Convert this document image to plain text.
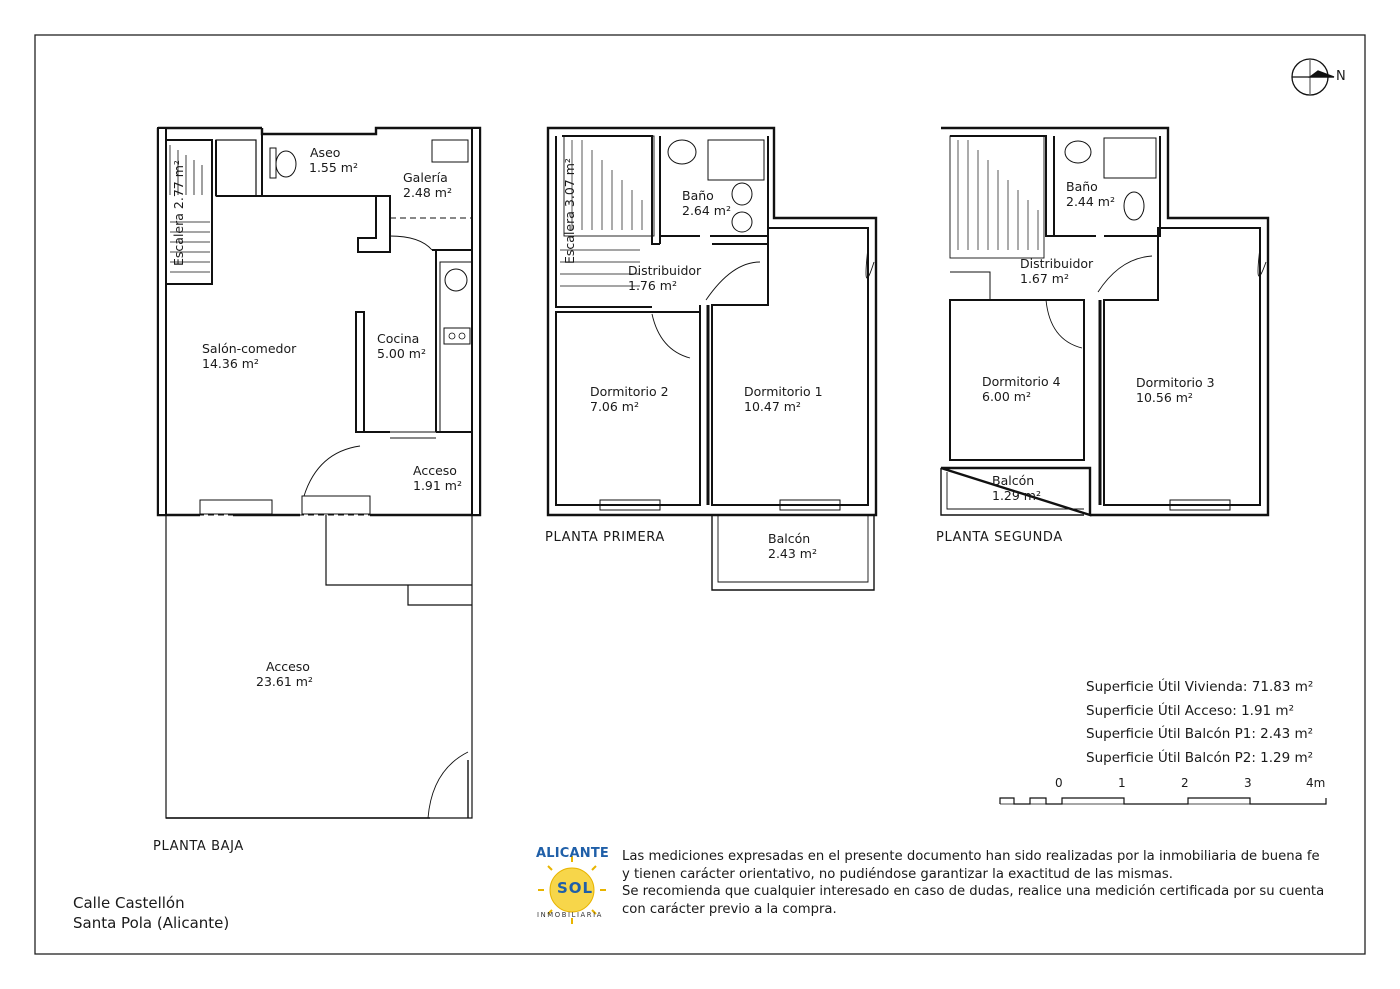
Aseo
1.55 m²
Galería
2.48 m²
Escalera 2.77 m²
Salón-comedor
14.36 m²
Cocina
5.00 m²
Acceso
1.91 m²
Acceso
23.61 m²
PLANTA BAJA
Escalera 3.07 m²	Baño
2.64 m²
Distribuidor
1.76 m²
Dormitorio 2
7.06 m²
Dormitorio 1
10.47 m²
Balcón
2.43 m²
PLANTA PRIMERA
Baño
2.44 m²
Distribuidor
1.67 m²
Dormitorio 4
6.00 m²
Dormitorio 3
10.56 m²
Balcón
1.29 m²
PLANTA SEGUNDA
N
Superficie Útil Vivienda: 71.83 m²
Superficie Útil Acceso: 1.91 m²
Superficie Útil Balcón P1: 2.43 m²
Superficie Útil Balcón P2: 1.29 m²
0	1	2	3	4m
ALICANTE
SOL
INMOBILIARIA
Las mediciones expresadas en el presente documento han sido realizadas por la inmobiliaria de buena fe
y tienen carácter orientativo, no pudiéndose garantizar la exactitud de las mismas.
Se recomienda que cualquier interesado en caso de dudas, realice una medición certificada por su cuenta
con carácter previo a la compra.
Calle Castellón
Santa Pola (Alicante)
